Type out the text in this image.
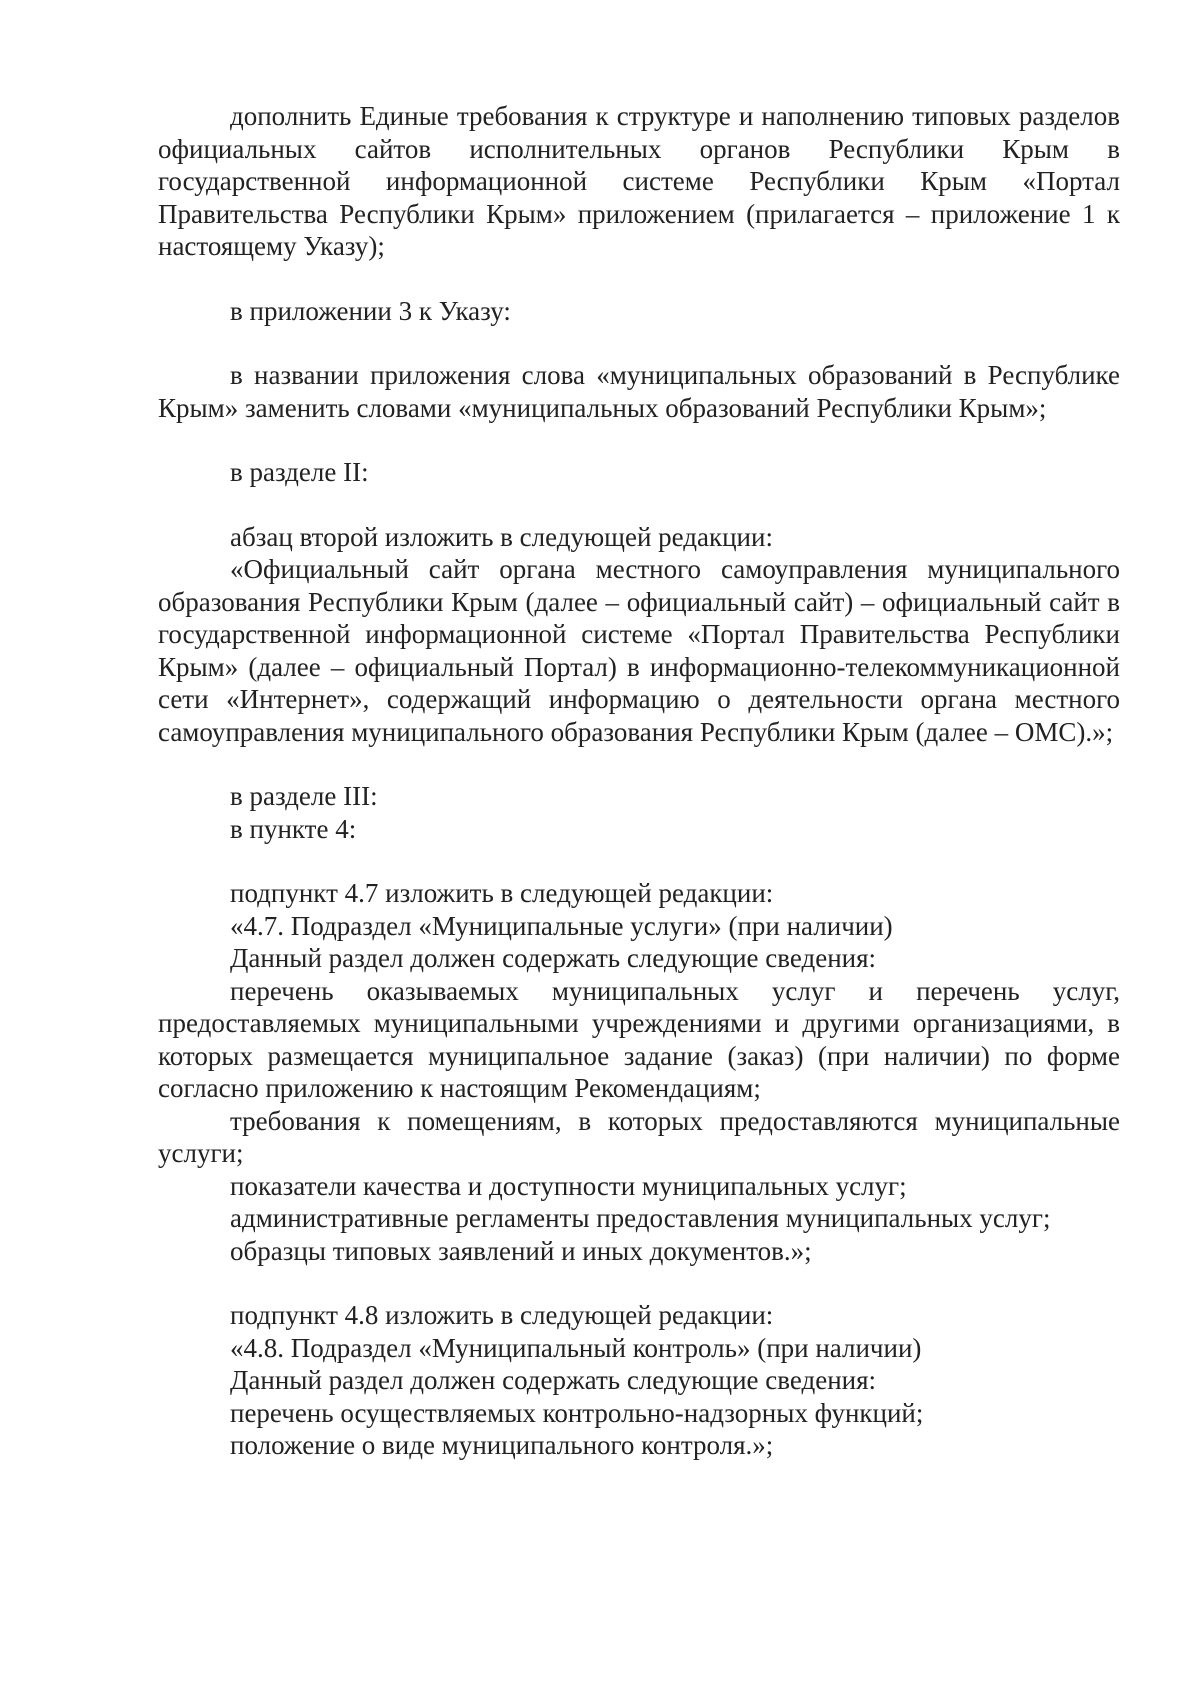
дополнить Единые требования к структуре и наполнению типовых разделов официальных сайтов исполнительных органов Республики Крым в государственной информационной системе Республики Крым «Портал Правительства Республики Крым» приложением (прилагается – приложение 1 к настоящему Указу);

в приложении 3 к Указу:

в названии приложения слова «муниципальных образований в Республике Крым» заменить словами «муниципальных образований Республики Крым»;

в разделе II:

абзац второй изложить в следующей редакции:

«Официальный сайт органа местного самоуправления муниципального образования Республики Крым (далее – официальный сайт) – официальный сайт в государственной информационной системе «Портал Правительства Республики Крым» (далее – официальный Портал) в информационно-телекоммуникационной сети «Интернет», содержащий информацию о деятельности органа местного самоуправления муниципального образования Республики Крым (далее – ОМС).»;

в разделе III:

в пункте 4:

подпункт 4.7 изложить в следующей редакции:

«4.7. Подраздел «Муниципальные услуги» (при наличии)

Данный раздел должен содержать следующие сведения:

перечень оказываемых муниципальных услуг и перечень услуг, предоставляемых муниципальными учреждениями и другими организациями, в которых размещается муниципальное задание (заказ) (при наличии) по форме согласно приложению к настоящим Рекомендациям;

требования к помещениям, в которых предоставляются муниципальные услуги;

показатели качества и доступности муниципальных услуг;

административные регламенты предоставления муниципальных услуг;

образцы типовых заявлений и иных документов.»;

подпункт 4.8 изложить в следующей редакции:

«4.8. Подраздел «Муниципальный контроль» (при наличии)

Данный раздел должен содержать следующие сведения:

перечень осуществляемых контрольно-надзорных функций;

положение о виде муниципального контроля.»;
